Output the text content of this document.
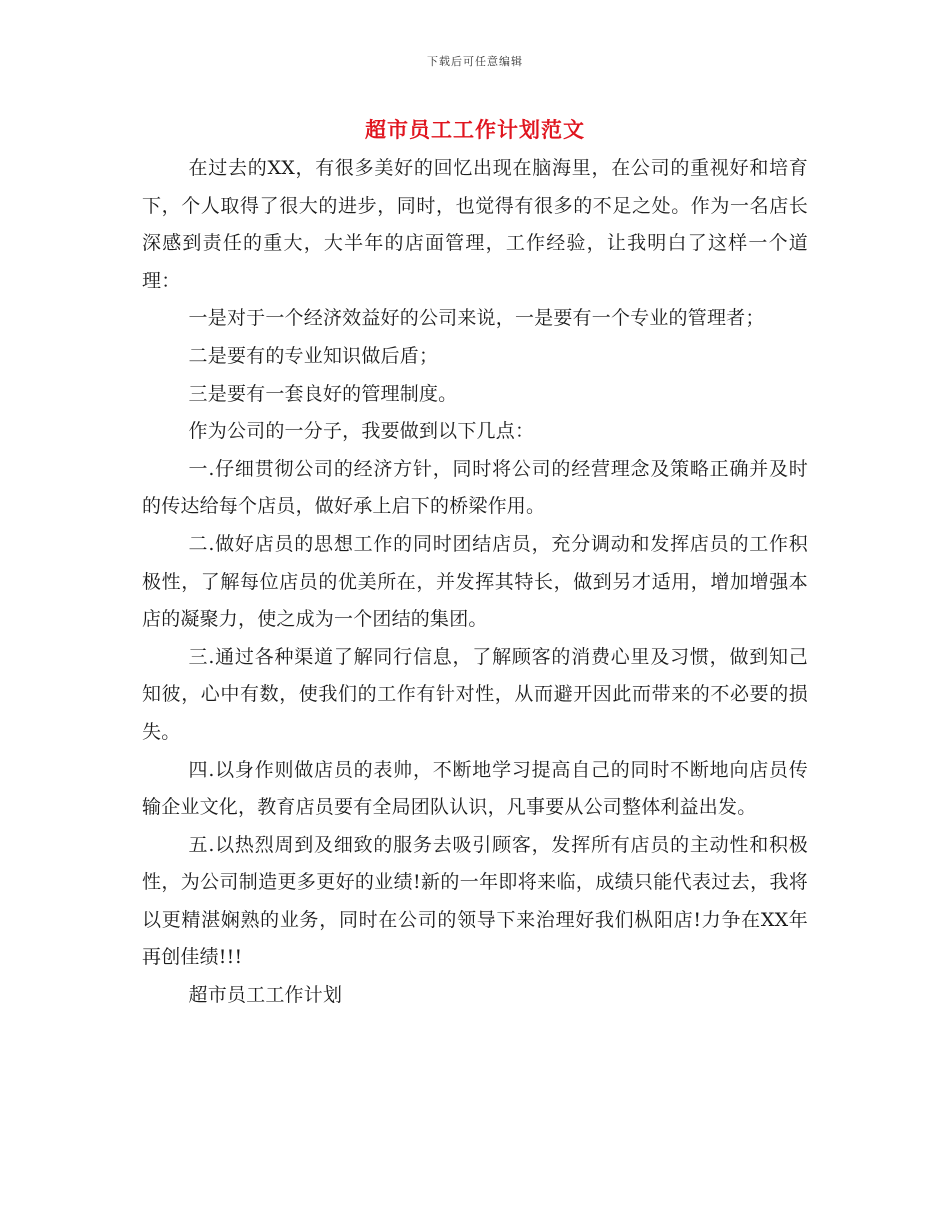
下载后可任意编辑
超市员工工作计划范文

在过去的XX，有很多美好的回忆出现在脑海里，在公司的重视好和培育下，个人取得了很大的进步，同时，也觉得有很多的不足之处。作为一名店长深感到责任的重大，大半年的店面管理，工作经验，让我明白了这样一个道理：

一是对于一个经济效益好的公司来说，一是要有一个专业的管理者；

二是要有的专业知识做后盾；

三是要有一套良好的管理制度。

作为公司的一分子，我要做到以下几点：

一.仔细贯彻公司的经济方针，同时将公司的经营理念及策略正确并及时的传达给每个店员，做好承上启下的桥梁作用。

二.做好店员的思想工作的同时团结店员，充分调动和发挥店员的工作积极性，了解每位店员的优美所在，并发挥其特长，做到另才适用，增加增强本店的凝聚力，使之成为一个团结的集团。

三.通过各种渠道了解同行信息，了解顾客的消费心里及习惯，做到知己知彼，心中有数，使我们的工作有针对性，从而避开因此而带来的不必要的损失。

四.以身作则做店员的表帅，不断地学习提高自己的同时不断地向店员传输企业文化，教育店员要有全局团队认识，凡事要从公司整体利益出发。

五.以热烈周到及细致的服务去吸引顾客，发挥所有店员的主动性和积极性，为公司制造更多更好的业绩!新的一年即将来临，成绩只能代表过去，我将以更精湛娴熟的业务，同时在公司的领导下来治理好我们枞阳店!力争在XX年再创佳绩!!!

超市员工工作计划
